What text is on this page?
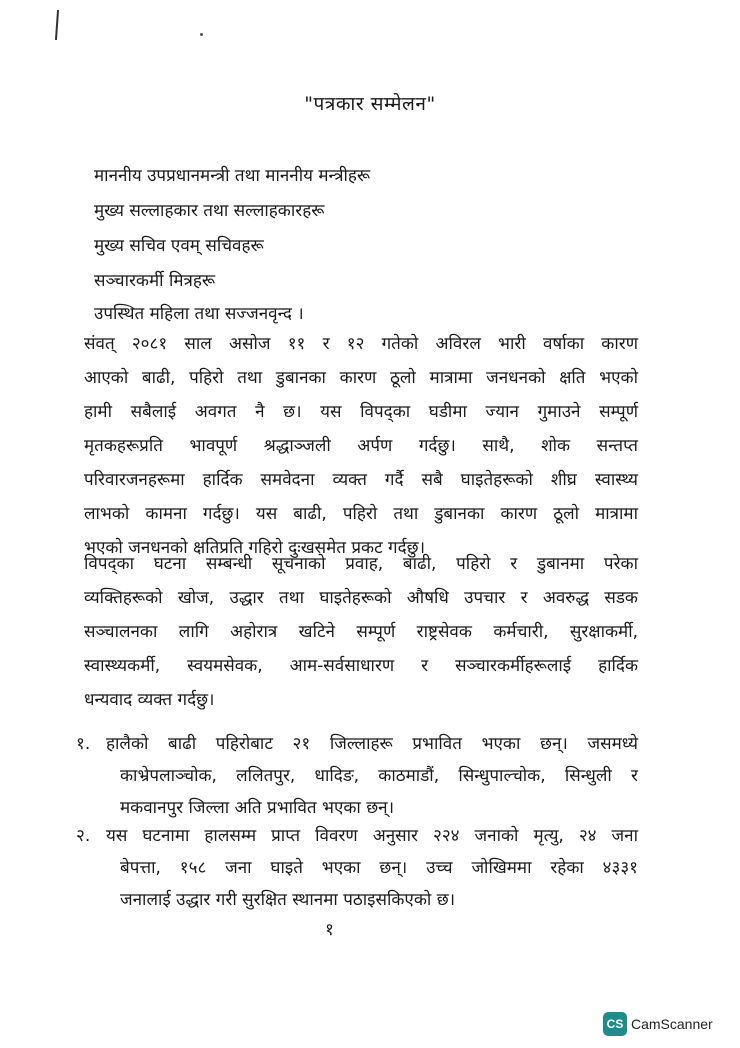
"पत्रकार सम्मेलन"
माननीय उपप्रधानमन्त्री तथा माननीय मन्त्रीहरू
मुख्य सल्लाहकार तथा सल्लाहकारहरू
मुख्य सचिव एवम् सचिवहरू
सञ्चारकर्मी मित्रहरू
उपस्थित महिला तथा सज्जनवृन्द ।
संवत् २०८१ साल असोज ११ र १२ गतेको अविरल भारी वर्षाका कारण
आएको बाढी, पहिरो तथा डुबानका कारण ठूलो मात्रामा जनधनको क्षति भएको
हामी सबैलाई अवगत नै छ। यस विपद्का घडीमा ज्यान गुमाउने सम्पूर्ण
मृतकहरूप्रति भावपूर्ण श्रद्धाञ्जली अर्पण गर्दछु। साथै, शोक सन्तप्त
परिवारजनहरूमा हार्दिक समवेदना व्यक्त गर्दै सबै घाइतेहरूको शीघ्र स्वास्थ्य
लाभको कामना गर्दछु। यस बाढी, पहिरो तथा डुबानका कारण ठूलो मात्रामा
भएको जनधनको क्षतिप्रति गहिरो दुःखसमेत प्रकट गर्दछु।
विपद्का घटना सम्बन्धी सूचनाको प्रवाह, बाढी, पहिरो र डुबानमा परेका
व्यक्तिहरूको खोज, उद्धार तथा घाइतेहरूको औषधि उपचार र अवरुद्ध सडक
सञ्चालनका लागि अहोरात्र खटिने सम्पूर्ण राष्ट्रसेवक कर्मचारी, सुरक्षाकर्मी,
स्वास्थ्यकर्मी, स्वयमसेवक, आम-सर्वसाधारण र सञ्चारकर्मीहरूलाई हार्दिक
धन्यवाद व्यक्त गर्दछु।
१. हालैको बाढी पहिरोबाट २१ जिल्लाहरू प्रभावित भएका छन्। जसमध्ये
काभ्रेपलाञ्चोक, ललितपुर, धादिङ, काठमाडौं, सिन्धुपाल्चोक, सिन्धुली र
मकवानपुर जिल्ला अति प्रभावित भएका छन्।
२. यस घटनामा हालसम्म प्राप्त विवरण अनुसार २२४ जनाको मृत्यु, २४ जना
बेपत्ता, १५८ जना घाइते भएका छन्। उच्च जोखिममा रहेका ४३३१
जनालाई उद्धार गरी सुरक्षित स्थानमा पठाइसकिएको छ।
१
CS CamScanner
